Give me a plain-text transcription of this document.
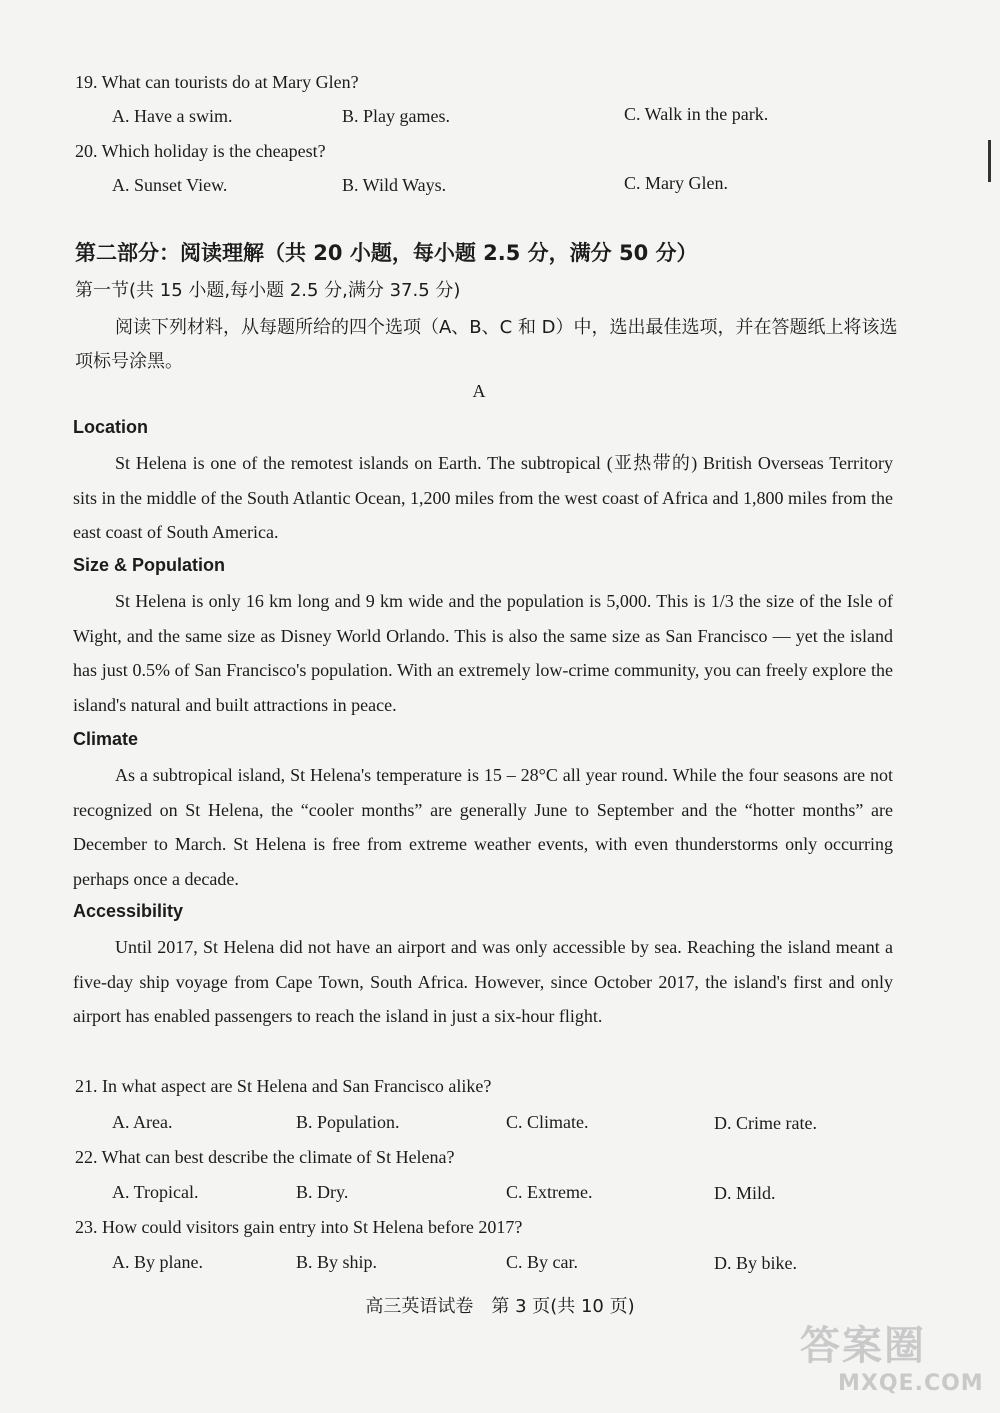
19. What can tourists do at Mary Glen?
A. Have a swim.	B. Play games.	C. Walk in the park.
20. Which holiday is the cheapest?
A. Sunset View.	B. Wild Ways.	C. Mary Glen.
第二部分：阅读理解（共 20 小题，每小题 2.5 分，满分 50 分）
第一节(共 15 小题,每小题 2.5 分,满分 37.5 分)
阅读下列材料，从每题所给的四个选项（A、B、C 和 D）中，选出最佳选项，并在答题纸上将该选项标号涂黑。
A
Location
St Helena is one of the remotest islands on Earth. The subtropical (亚热带的) British Overseas Territory sits in the middle of the South Atlantic Ocean, 1,200 miles from the west coast of Africa and 1,800 miles from the east coast of South America.
Size & Population
St Helena is only 16 km long and 9 km wide and the population is 5,000. This is 1/3 the size of the Isle of Wight, and the same size as Disney World Orlando. This is also the same size as San Francisco — yet the island has just 0.5% of San Francisco's population. With an extremely low-crime community, you can freely explore the island's natural and built attractions in peace.
Climate
As a subtropical island, St Helena's temperature is 15 – 28°C all year round. While the four seasons are not recognized on St Helena, the “cooler months” are generally June to September and the “hotter months” are December to March. St Helena is free from extreme weather events, with even thunderstorms only occurring perhaps once a decade.
Accessibility
Until 2017, St Helena did not have an airport and was only accessible by sea. Reaching the island meant a five-day ship voyage from Cape Town, South Africa. However, since October 2017, the island's first and only airport has enabled passengers to reach the island in just a six-hour flight.
21. In what aspect are St Helena and San Francisco alike?
A. Area.	B. Population.	C. Climate.	D. Crime rate.
22. What can best describe the climate of St Helena?
A. Tropical.	B. Dry.	C. Extreme.	D. Mild.
23. How could visitors gain entry into St Helena before 2017?
A. By plane.	B. By ship.	C. By car.	D. By bike.
高三英语试卷　第 3 页(共 10 页)
答案圈
MXQE.COM
